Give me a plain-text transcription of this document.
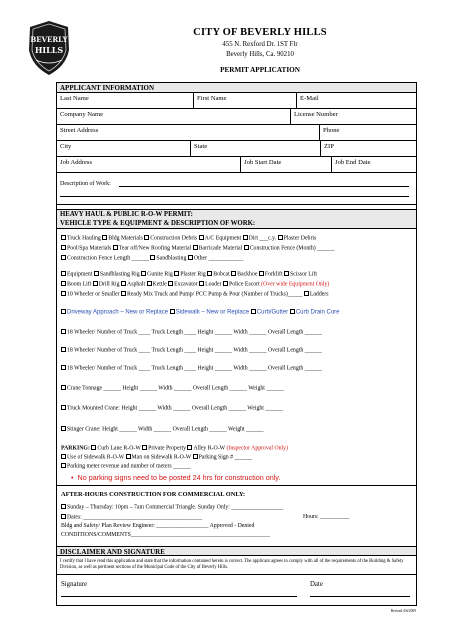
BEVERLY
HILLS
CITY OF BEVERLY HILLS
455 N. Rexford Dr. 1ST Flr
Beverly Hills, Ca. 90210
PERMIT APPLICATION
APPLICANT INFORMATION
Last Name	First Name	E-Mail
Company Name	License Number
Street Address	Phone
City	State	ZIP
Job Address	Job Start Date	Job End Date
Description of Work:
HEAVY HAUL & PUBLIC R-O-W PERMIT:
VEHICLE TYPE & EQUIPMENT & DESCRIPTION OF WORK:
Truck Hauling Bldg Materials Construction Debris A/C Equipment Dirt ___c.y. Plaster Debris
Pool/Spa Materials Tear off/New Roofing Material Barricade Material Construction Fence (Month) ______
Construction Fence Length ______ Sandblasting Other ____________
Equipment Sandblasting Rig Gunite Rig Plaster Rig Bobcat Backhoe Forklift Scissor Lift
Boom Lift Drill Rig Asphalt Kettle Excavator Loader Police Escort (Over wide Equipment Only)
10 Wheeler or Smaller Ready Mix Truck and Pump/ PCC Pump & Pour (Number of Trucks)_____ Ladders
Driveway Approach – New or Replace Sidewalk – New or Replace Curb/Gutter Curb Drain Core
18 Wheeler/ Number of Truck ____ Truck Length ____ Height ______ Width ______ Overall Length ______
18 Wheeler/ Number of Truck ____ Truck Length ____ Height ______ Width ______ Overall Length ______
18 Wheeler/ Number of Truck ____ Truck Length ____ Height ______ Width ______ Overall Length ______
Crane Tonnage ______ Height ______ Width ______ Overall Length ______ Weight ______
Truck Mounted Crane: Height ______ Width ______ Overall Length ______ Weight ______
Stinger Crane: Height ______ Width ______ Overall Length ______ Weight ______
PARKING: Curb Lane R-O-W Private Property Alley R-O-W (Inspector Approval Only)
Use of Sidewalk R-O-W Man on Sidewalk R-O-W Parking Sign # ______
Parking meter revenue and number of meters ______
•  No parking signs need to be posted 24 hrs for construction only.
AFTER-HOURS CONSTRUCTION FOR COMMERCIAL ONLY:
Sunday – Thursday: 10pm – 7am Commercial Triangle. Sunday Only: __________________
Dates: _________________________________________	Hours: __________
Bldg and Safety/ Plan Review Engineer: __________________ Approved - Denied
CONDITIONS/COMMENTS________________________________________________
DISCLAIMER AND SIGNATURE
I certify that I have read this application and state that the information contained herein is correct. The applicant agrees to comply with all of the requirements of the Building & Safety Division, as well as pertinent sections of the Municipal Code of the City of Beverly Hills.
Signature	Date
Revised 4/6/2009
